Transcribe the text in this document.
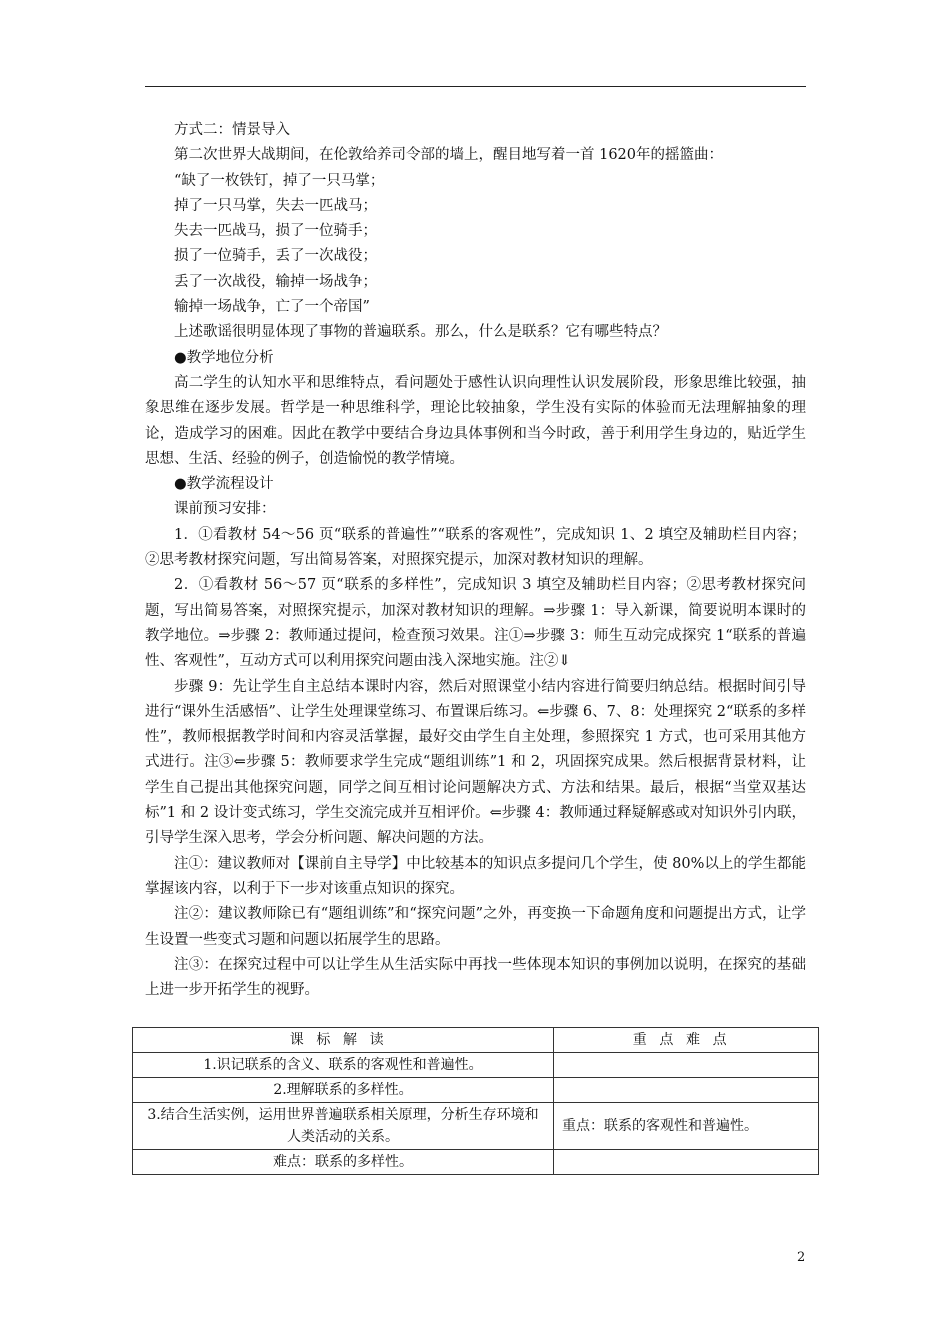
方式二：情景导入

第二次世界大战期间，在伦敦给养司令部的墙上，醒目地写着一首 1620年的摇篮曲：

“缺了一枚铁钉，掉了一只马掌；

掉了一只马掌，失去一匹战马；

失去一匹战马，损了一位骑手；

损了一位骑手，丢了一次战役；

丢了一次战役，输掉一场战争；

输掉一场战争，亡了一个帝国”

上述歌谣很明显体现了事物的普遍联系。那么，什么是联系？它有哪些特点？

●教学地位分析

高二学生的认知水平和思维特点，看问题处于感性认识向理性认识发展阶段，形象思维比较强，抽象思维在逐步发展。哲学是一种思维科学，理论比较抽象，学生没有实际的体验而无法理解抽象的理论，造成学习的困难。因此在教学中要结合身边具体事例和当今时政，善于利用学生身边的，贴近学生思想、生活、经验的例子，创造愉悦的教学情境。

●教学流程设计

课前预习安排：

1．①看教材 54～56 页“联系的普遍性”“联系的客观性”，完成知识 1、2 填空及辅助栏目内容；②思考教材探究问题，写出简易答案，对照探究提示，加深对教材知识的理解。

2．①看教材 56～57 页“联系的多样性”，完成知识 3 填空及辅助栏目内容；②思考教材探究问题，写出简易答案，对照探究提示，加深对教材知识的理解。⇒步骤 1：导入新课，简要说明本课时的教学地位。⇒步骤 2：教师通过提问，检查预习效果。注①⇒步骤 3：师生互动完成探究 1“联系的普遍性、客观性”，互动方式可以利用探究问题由浅入深地实施。注②⇓

步骤 9：先让学生自主总结本课时内容，然后对照课堂小结内容进行简要归纳总结。根据时间引导进行“课外生活感悟”、让学生处理课堂练习、布置课后练习。⇐步骤 6、7、8：处理探究 2“联系的多样性”，教师根据教学时间和内容灵活掌握，最好交由学生自主处理，参照探究 1 方式，也可采用其他方式进行。注③⇐步骤 5：教师要求学生完成“题组训练”1 和 2，巩固探究成果。然后根据背景材料，让学生自己提出其他探究问题，同学之间互相讨论问题解决方式、方法和结果。最后，根据“当堂双基达标”1 和 2 设计变式练习，学生交流完成并互相评价。⇐步骤 4：教师通过释疑解惑或对知识外引内联，引导学生深入思考，学会分析问题、解决问题的方法。

注①：建议教师对【课前自主导学】中比较基本的知识点多提问几个学生，使 80%以上的学生都能掌握该内容，以利于下一步对该重点知识的探究。

注②：建议教师除已有“题组训练”和“探究问题”之外，再变换一下命题角度和问题提出方式，让学生设置一些变式习题和问题以拓展学生的思路。

注③：在探究过程中可以让学生从生活实际中再找一些体现本知识的事例加以说明，在探究的基础上进一步开拓学生的视野。

课标解读	重点难点
1.识记联系的含义、联系的客观性和普遍性。	
2.理解联系的多样性。	
3.结合生活实例，运用世界普遍联系相关原理，分析生存环境和人类活动的关系。	重点：联系的客观性和普遍性。
难点：联系的多样性。	
2
